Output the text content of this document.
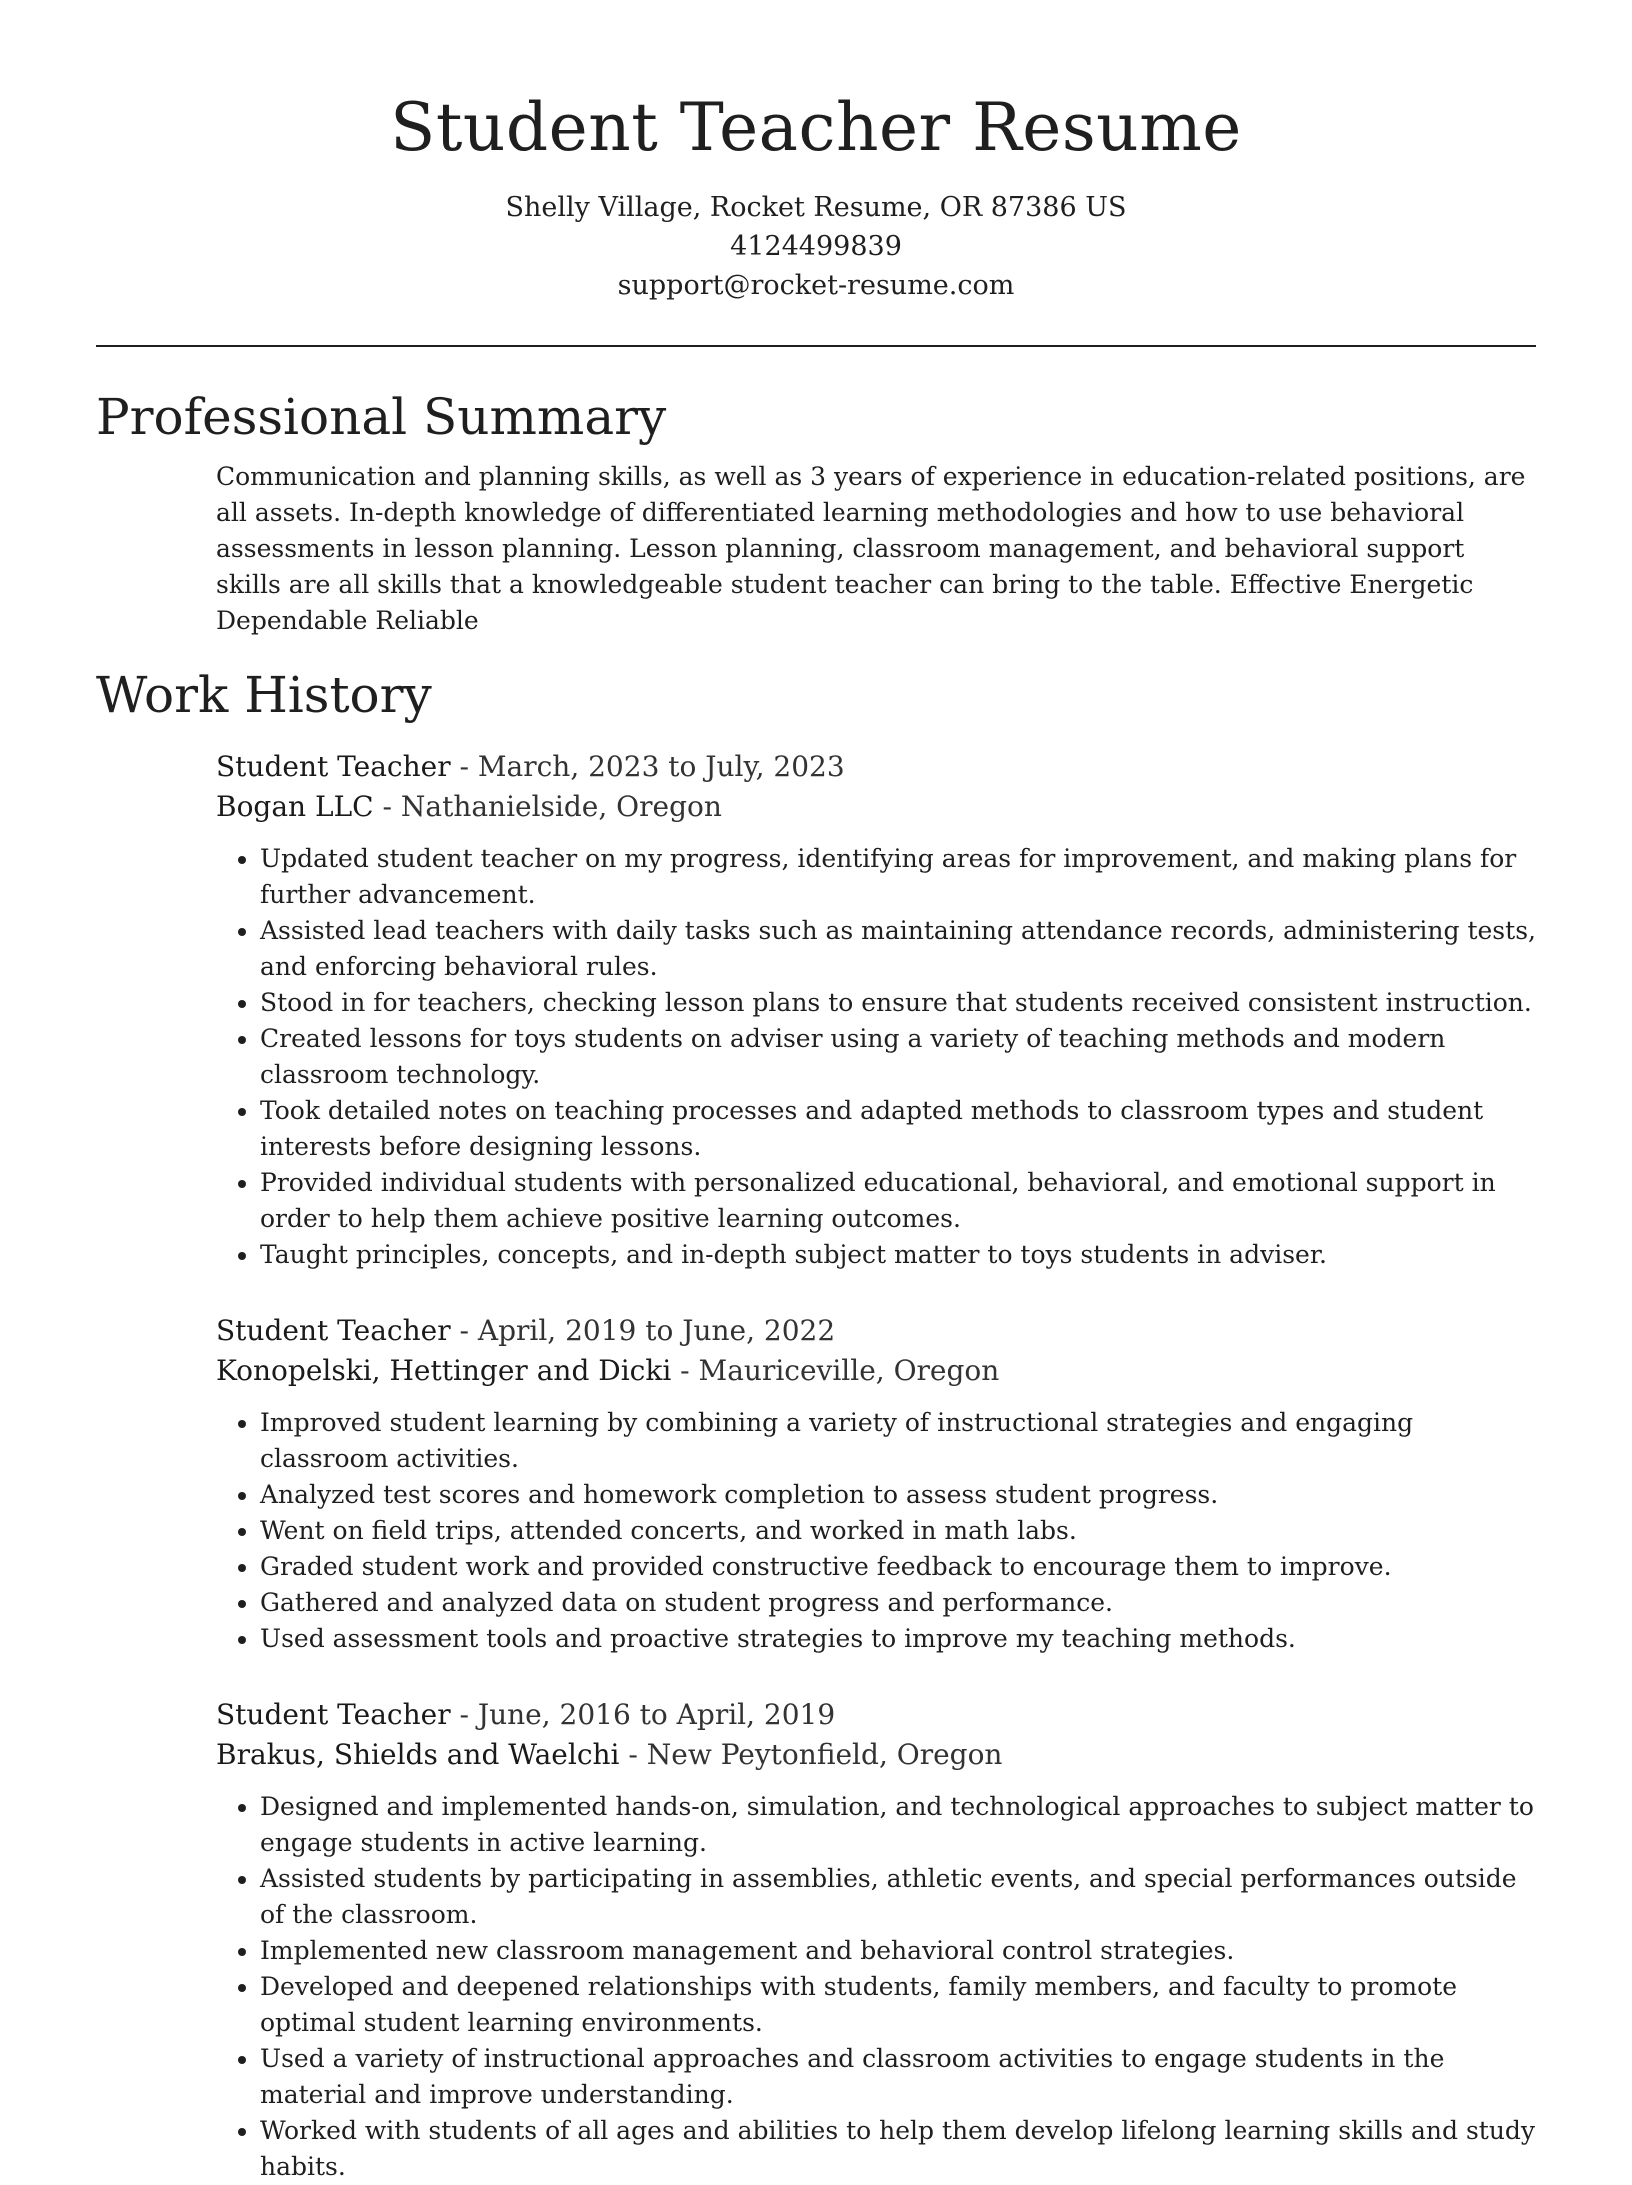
Student Teacher Resume
Shelly Village, Rocket Resume, OR 87386 US
4124499839
support@rocket-resume.com
Professional Summary

Communication and planning skills, as well as 3 years of experience in education-related positions, are all assets. In-depth knowledge of differentiated learning methodologies and how to use behavioral assessments in lesson planning. Lesson planning, classroom management, and behavioral support skills are all skills that a knowledgeable student teacher can bring to the table. Effective Energetic Dependable Reliable

Work History
Student Teacher - March, 2023 to July, 2023
Bogan LLC - Nathanielside, Oregon
• Updated student teacher on my progress, identifying areas for improvement, and making plans for further advancement.
• Assisted lead teachers with daily tasks such as maintaining attendance records, administering tests, and enforcing behavioral rules.
• Stood in for teachers, checking lesson plans to ensure that students received consistent instruction.
• Created lessons for toys students on adviser using a variety of teaching methods and modern classroom technology.
• Took detailed notes on teaching processes and adapted methods to classroom types and student interests before designing lessons.
• Provided individual students with personalized educational, behavioral, and emotional support in order to help them achieve positive learning outcomes.
• Taught principles, concepts, and in-depth subject matter to toys students in adviser.
Student Teacher - April, 2019 to June, 2022
Konopelski, Hettinger and Dicki - Mauriceville, Oregon
• Improved student learning by combining a variety of instructional strategies and engaging classroom activities.
• Analyzed test scores and homework completion to assess student progress.
• Went on field trips, attended concerts, and worked in math labs.
• Graded student work and provided constructive feedback to encourage them to improve.
• Gathered and analyzed data on student progress and performance.
• Used assessment tools and proactive strategies to improve my teaching methods.
Student Teacher - June, 2016 to April, 2019
Brakus, Shields and Waelchi - New Peytonfield, Oregon
• Designed and implemented hands-on, simulation, and technological approaches to subject matter to engage students in active learning.
• Assisted students by participating in assemblies, athletic events, and special performances outside of the classroom.
• Implemented new classroom management and behavioral control strategies.
• Developed and deepened relationships with students, family members, and faculty to promote optimal student learning environments.
• Used a variety of instructional approaches and classroom activities to engage students in the material and improve understanding.
• Worked with students of all ages and abilities to help them develop lifelong learning skills and study habits.
